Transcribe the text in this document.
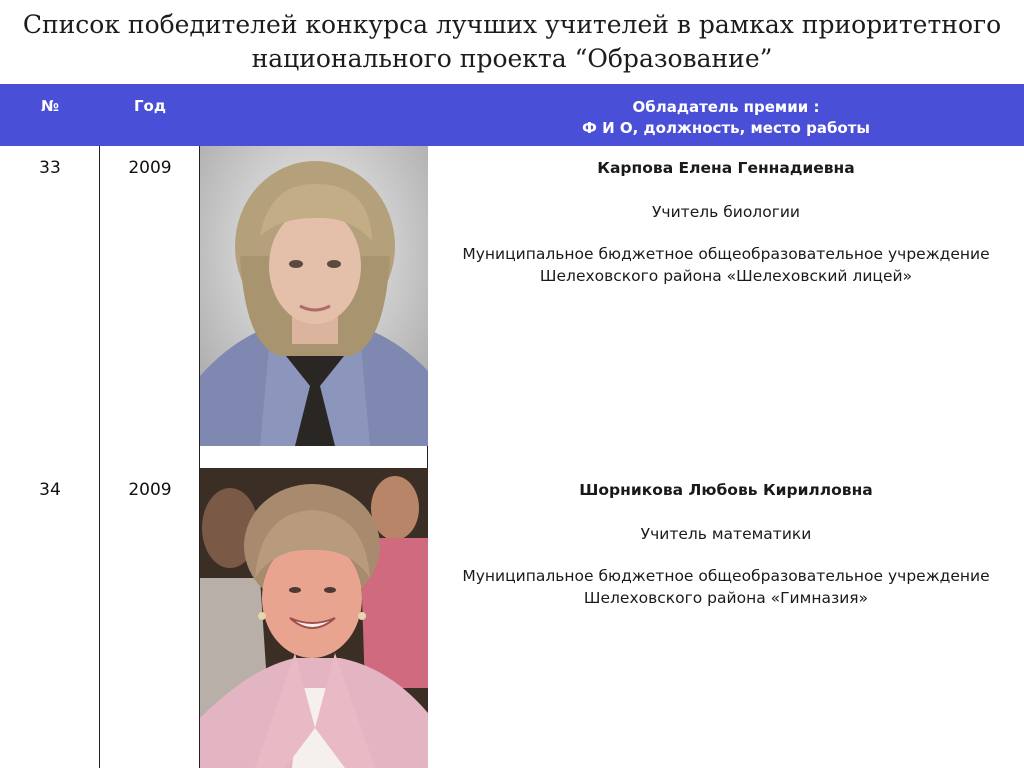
Список победителей конкурса лучших учителей в рамках приоритетного
национального проекта “Образование”
№	Год	Обладатель премии :
Ф И О, должность, место работы
33	2009	Карпова Елена Геннадиевна
Учитель биологии
Муниципальное бюджетное общеобразовательное учреждение
Шелеховского района «Шелеховский лицей»
34	2009	Шорникова Любовь Кирилловна
Учитель математики
Муниципальное бюджетное общеобразовательное учреждение
Шелеховского района «Гимназия»
